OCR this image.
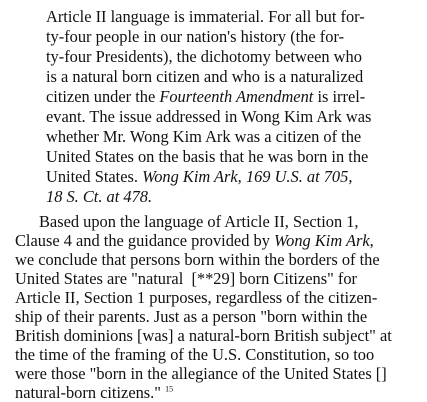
Article II language is immaterial. For all but for-
ty-four people in our nation's history (the for-
ty-four Presidents), the dichotomy between who
is a natural born citizen and who is a naturalized
citizen under the Fourteenth Amendment is irrel-
evant. The issue addressed in Wong Kim Ark was
whether Mr. Wong Kim Ark was a citizen of the
United States on the basis that he was born in the
United States. Wong Kim Ark, 169 U.S. at 705,
18 S. Ct. at 478.
Based upon the language of Article II, Section 1,
Clause 4 and the guidance provided by Wong Kim Ark,
we conclude that persons born within the borders of the
United States are "natural  [**29] born Citizens" for
Article II, Section 1 purposes, regardless of the citizen-
ship of their parents. Just as a person "born within the
British dominions [was] a natural-born British subject" at
the time of the framing of the U.S. Constitution, so too
were those "born in the allegiance of the United States []
natural-born citizens." $^{15}$
